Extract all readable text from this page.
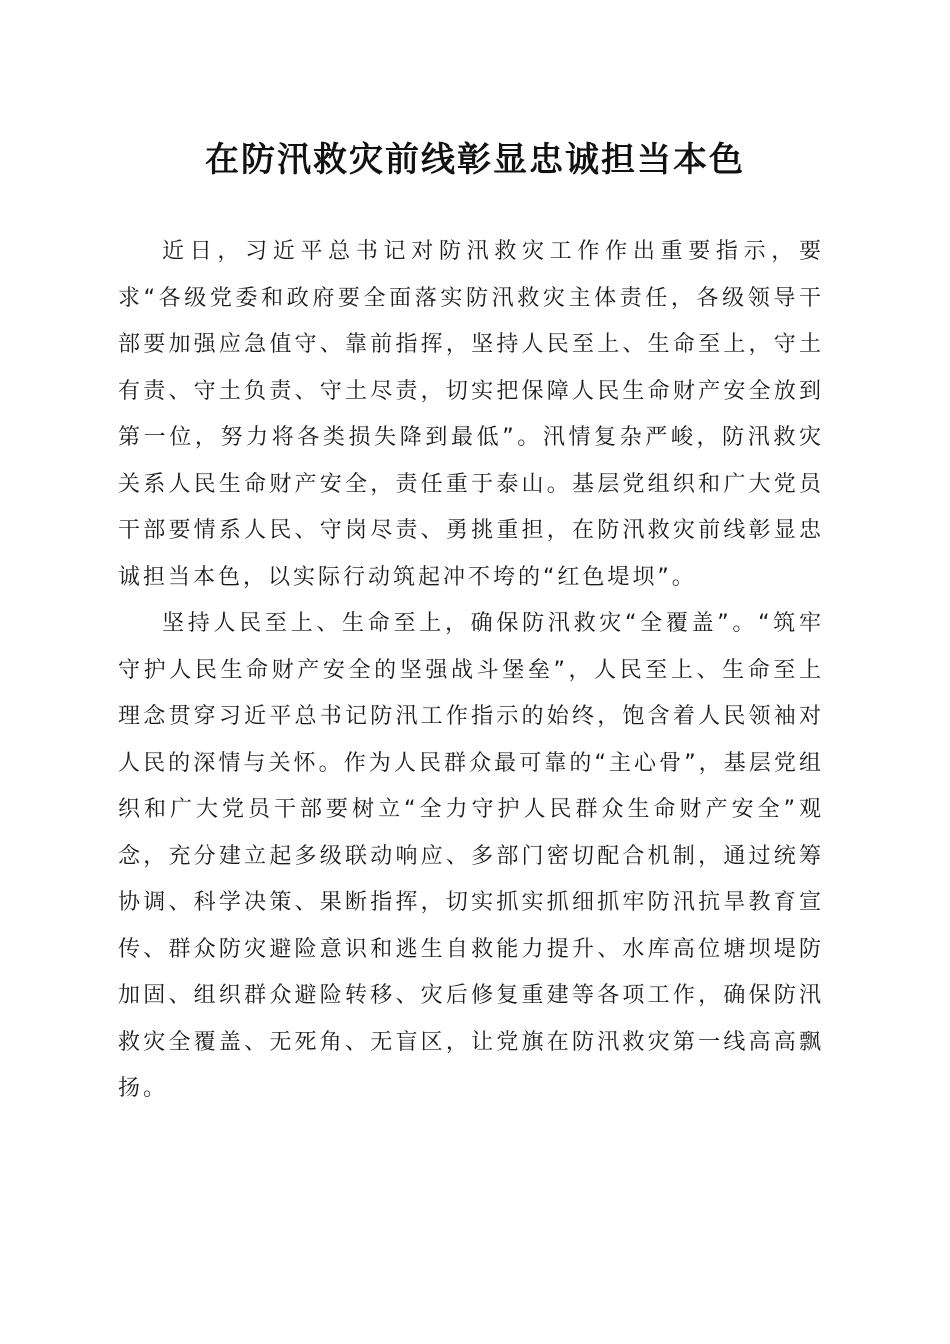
在防汛救灾前线彰显忠诚担当本色

近日，习近平总书记对防汛救灾工作作出重要指示，要求“各级党委和政府要全面落实防汛救灾主体责任，各级领导干部要加强应急值守、靠前指挥，坚持人民至上、生命至上，守土有责、守土负责、守土尽责，切实把保障人民生命财产安全放到第一位，努力将各类损失降到最低”。汛情复杂严峻，防汛救灾关系人民生命财产安全，责任重于泰山。基层党组织和广大党员干部要情系人民、守岗尽责、勇挑重担，在防汛救灾前线彰显忠诚担当本色，以实际行动筑起冲不垮的“红色堤坝”。

坚持人民至上、生命至上，确保防汛救灾“全覆盖”。“筑牢守护人民生命财产安全的坚强战斗堡垒”，人民至上、生命至上理念贯穿习近平总书记防汛工作指示的始终，饱含着人民领袖对人民的深情与关怀。作为人民群众最可靠的“主心骨”，基层党组织和广大党员干部要树立“全力守护人民群众生命财产安全”观念，充分建立起多级联动响应、多部门密切配合机制，通过统筹协调、科学决策、果断指挥，切实抓实抓细抓牢防汛抗旱教育宣传、群众防灾避险意识和逃生自救能力提升、水库高位塘坝堤防加固、组织群众避险转移、灾后修复重建等各项工作，确保防汛救灾全覆盖、无死角、无盲区，让党旗在防汛救灾第一线高高飘扬。
